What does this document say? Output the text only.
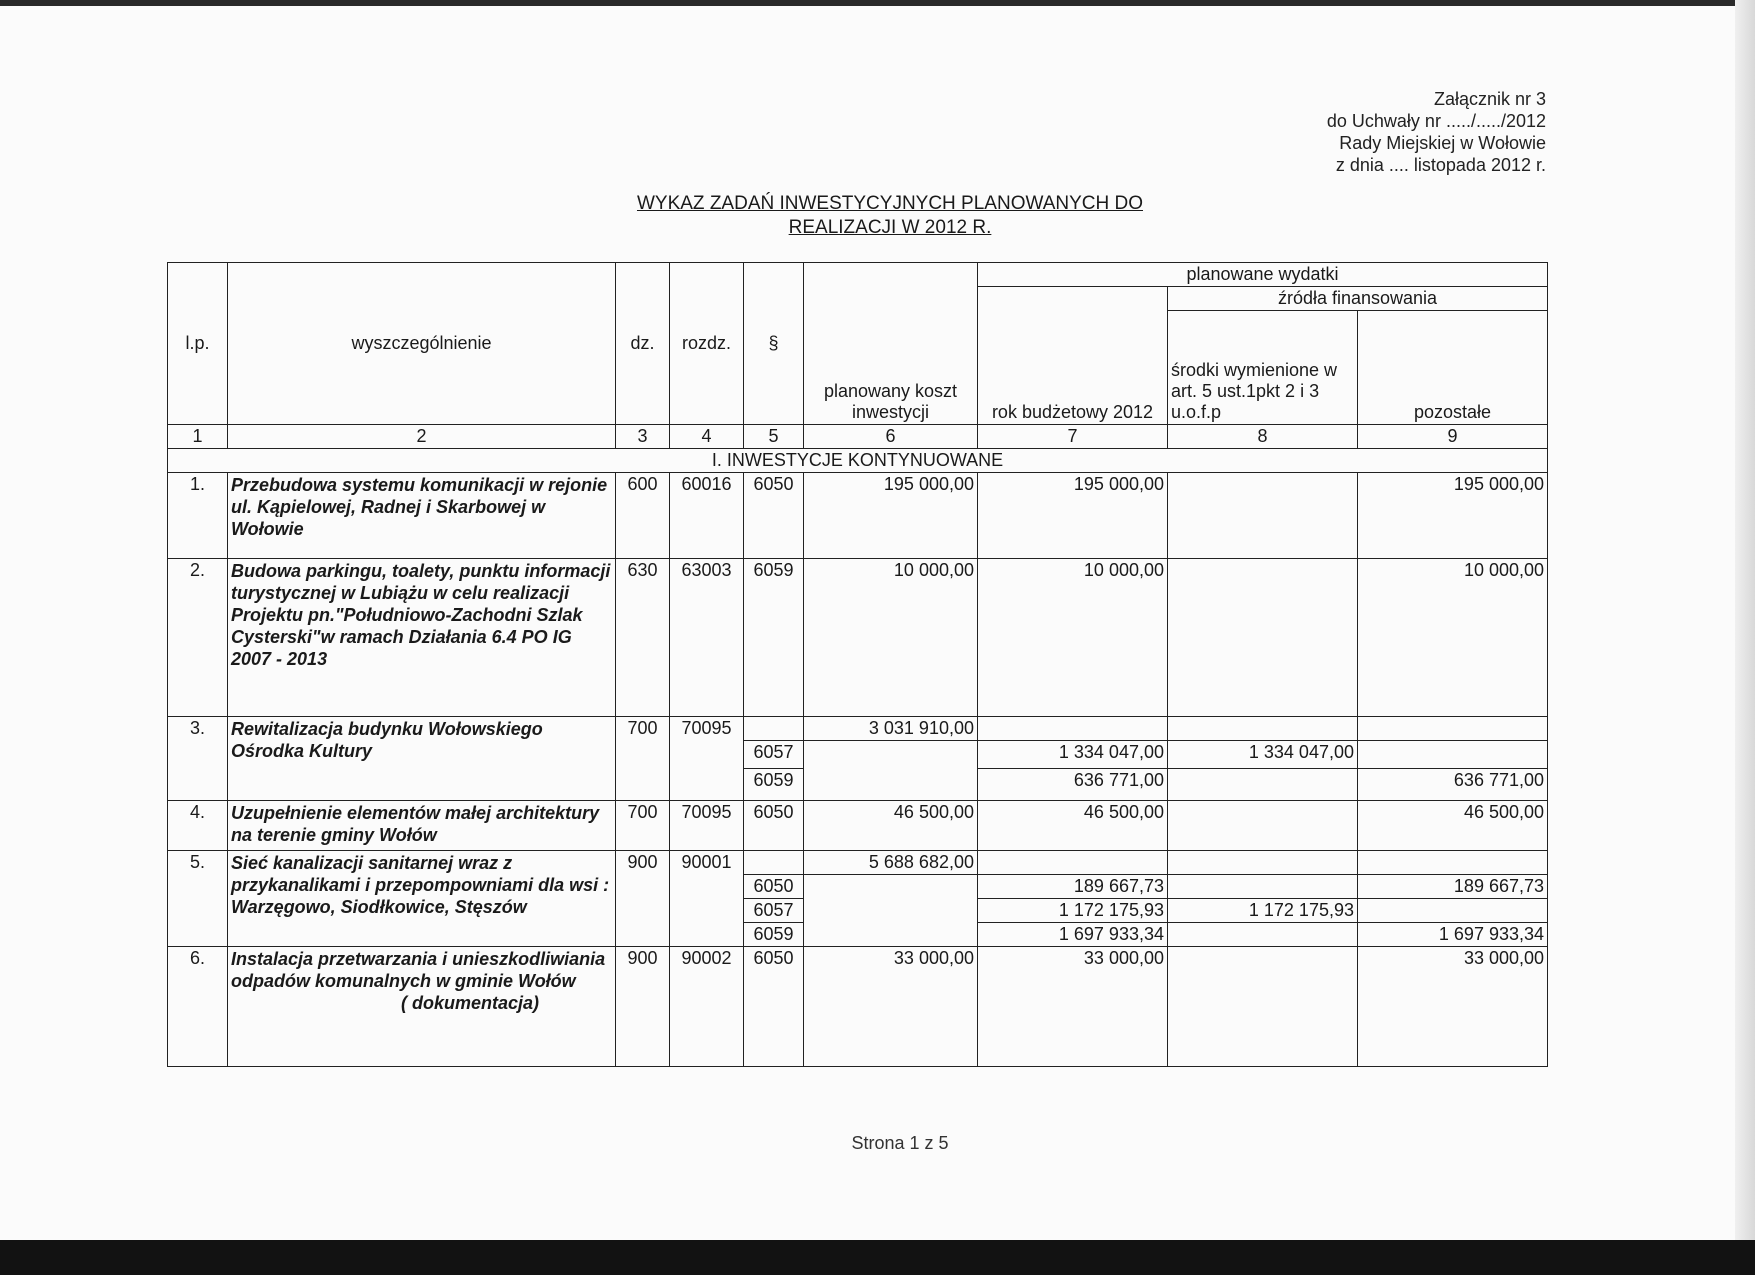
Załącznik nr 3
do Uchwały nr ...../...../2012
Rady Miejskiej w Wołowie
z dnia .... listopada 2012 r.
WYKAZ ZADAŃ INWESTYCYJNYCH PLANOWANYCH DO
REALIZACJI W 2012 R.
l.p.	wyszczególnienie	dz.	rozdz.	§	planowany koszt inwestycji	planowane wydatki		
						rok budżetowy 2012	źródła finansowania	
							środki wymienione w art. 5 ust.1pkt 2 i 3 u.o.f.p	pozostałe
1	2	3	4	5	6	7	8	9
I. INWESTYCJE KONTYNUOWANE								
1.	Przebudowa systemu komunikacji w rejonie ul. Kąpielowej, Radnej i Skarbowej w Wołowie	600	60016	6050	195 000,00	195 000,00		195 000,00
2.	Budowa parkingu, toalety, punktu informacji turystycznej w Lubiążu w celu realizacji Projektu pn."Południowo-Zachodni Szlak Cysterski"w ramach Działania 6.4 PO IG 2007 - 2013	630	63003	6059	10 000,00	10 000,00		10 000,00
3.	Rewitalizacja budynku Wołowskiego Ośrodka Kultury	700	70095		3 031 910,00			
				6057		1 334 047,00	1 334 047,00	
				6059		636 771,00		636 771,00
4.	Uzupełnienie elementów małej architektury na terenie gminy Wołów	700	70095	6050	46 500,00	46 500,00		46 500,00
5.	Sieć kanalizacji sanitarnej wraz z przykanalikami i przepompowniami dla wsi : Warzęgowo, Siodłkowice, Stęszów	900	90001		5 688 682,00			
				6050		189 667,73		189 667,73
				6057		1 172 175,93	1 172 175,93	
				6059		1 697 933,34		1 697 933,34
6.	Instalacja przetwarzania i unieszkodliwiania odpadów komunalnych w gminie Wołów
( dokumentacja)	900	90002	6050	33 000,00	33 000,00		33 000,00
Strona 1 z 5
